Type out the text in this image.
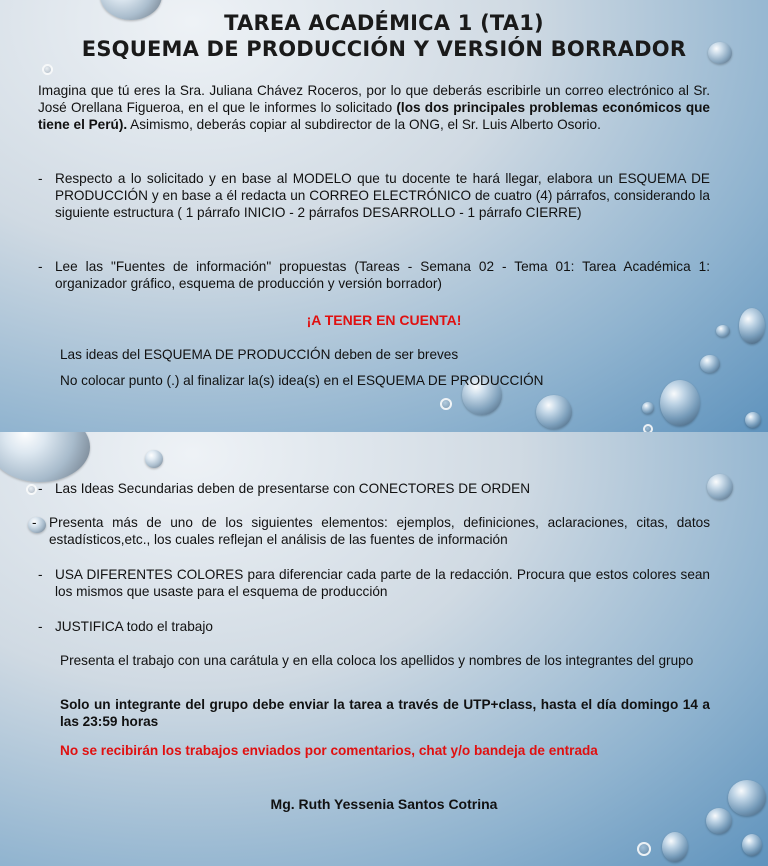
TAREA ACADÉMICA 1 (TA1)
ESQUEMA DE PRODUCCIÓN Y VERSIÓN BORRADOR
Imagina que tú eres la Sra. Juliana Chávez Roceros, por lo que deberás escribirle un correo electrónico al Sr. José Orellana Figueroa, en el que le informes lo solicitado (los dos principales problemas económicos que tiene el Perú). Asimismo, deberás copiar al subdirector de la ONG, el Sr. Luis Alberto Osorio.
- Respecto a lo solicitado y en base al MODELO que tu docente te hará llegar, elabora un ESQUEMA DE PRODUCCIÓN y en base a él redacta un CORREO ELECTRÓNICO de cuatro (4) párrafos, considerando la siguiente estructura ( 1 párrafo INICIO - 2 párrafos DESARROLLO - 1 párrafo CIERRE)
- Lee las "Fuentes de información" propuestas (Tareas - Semana 02 - Tema 01: Tarea Académica 1: organizador gráfico, esquema de producción y versión borrador)
¡A TENER EN CUENTA!
Las ideas del ESQUEMA DE PRODUCCIÓN deben de ser breves
No colocar punto (.) al finalizar la(s) idea(s) en el ESQUEMA DE PRODUCCIÓN
- Las Ideas Secundarias deben de presentarse con CONECTORES DE ORDEN
- Presenta más de uno de los siguientes elementos: ejemplos, definiciones, aclaraciones, citas, datos estadísticos,etc., los cuales reflejan el análisis de las fuentes de información
- USA DIFERENTES COLORES para diferenciar cada parte de la redacción. Procura que estos colores sean los mismos que usaste para el esquema de producción
- JUSTIFICA todo el trabajo
Presenta el trabajo con una carátula y en ella coloca los apellidos y nombres de los integrantes del grupo
Solo un integrante del grupo debe enviar la tarea a través de UTP+class, hasta el día domingo 14 a las 23:59 horas
No se recibirán los trabajos enviados por comentarios, chat y/o bandeja de entrada
Mg. Ruth Yessenia Santos Cotrina
